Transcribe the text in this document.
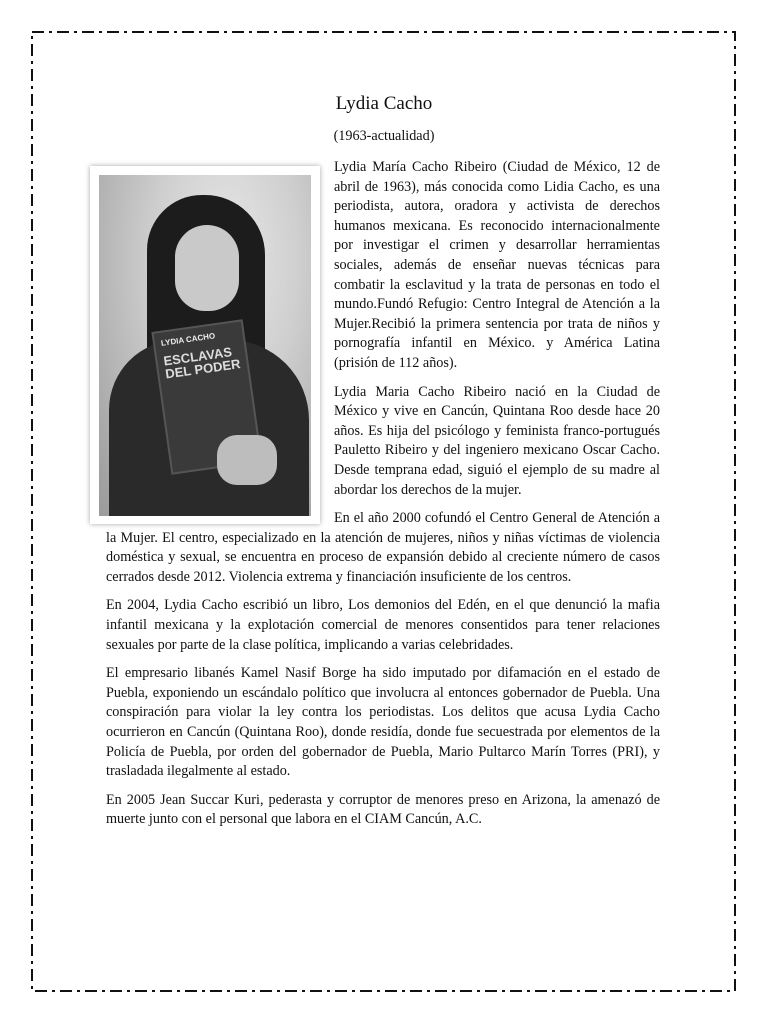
Lydia Cacho
(1963-actualidad)
LYDIA CACHO
ESCLAVAS DEL PODER

Lydia María Cacho Ribeiro (Ciudad de México, 12 de abril de 1963), más conocida como Lidia Cacho, es una periodista, autora, oradora y activista de derechos humanos mexicana. Es reconocido internacionalmente por investigar el crimen y desarrollar herramientas sociales, además de enseñar nuevas técnicas para combatir la esclavitud y la trata de personas en todo el mundo.Fundó Refugio: Centro Integral de Atención a la Mujer.Recibió la primera sentencia por trata de niños y pornografía infantil en México. y América Latina (prisión de 112 años).

Lydia Maria Cacho Ribeiro nació en la Ciudad de México y vive en Cancún, Quintana Roo desde hace 20 años. Es hija del psicólogo y feminista franco-portugués Pauletto Ribeiro y del ingeniero mexicano Oscar Cacho. Desde temprana edad, siguió el ejemplo de su madre al abordar los derechos de la mujer.

En el año 2000 cofundó el Centro General de Atención a la Mujer. El centro, especializado en la atención de mujeres, niños y niñas víctimas de violencia doméstica y sexual, se encuentra en proceso de expansión debido al creciente número de casos cerrados desde 2012. Violencia extrema y financiación insuficiente de los centros.

En 2004, Lydia Cacho escribió un libro, Los demonios del Edén, en el que denunció la mafia infantil mexicana y la explotación comercial de menores consentidos para tener relaciones sexuales por parte de la clase política, implicando a varias celebridades.

El empresario libanés Kamel Nasif Borge ha sido imputado por difamación en el estado de Puebla, exponiendo un escándalo político que involucra al entonces gobernador de Puebla. Una conspiración para violar la ley contra los periodistas. Los delitos que acusa Lydia Cacho ocurrieron en Cancún (Quintana Roo), donde residía, donde fue secuestrada por elementos de la Policía de Puebla, por orden del gobernador de Puebla, Mario Pultarco Marín Torres (PRI), y trasladada ilegalmente al estado.

En 2005 Jean Succar Kuri, pederasta y corruptor de menores preso en Arizona, la amenazó de muerte junto con el personal que labora en el CIAM Cancún, A.C.
